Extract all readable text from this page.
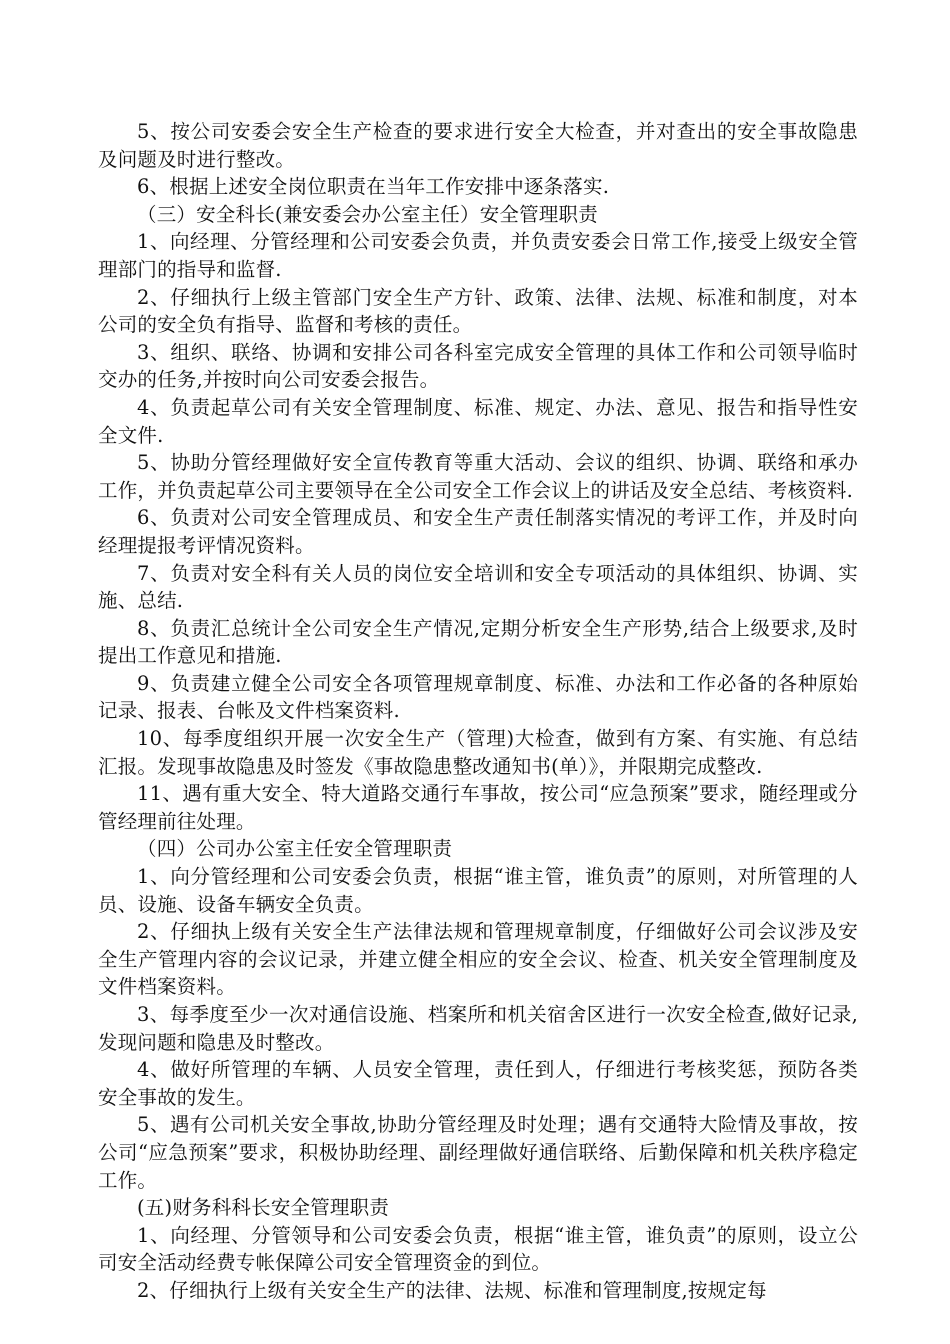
5、按公司安委会安全生产检查的要求进行安全大检查，并对查出的安全事故隐患及问题及时进行整改。

6、根据上述安全岗位职责在当年工作安排中逐条落实.

（三）安全科长(兼安委会办公室主任）安全管理职责

1、向经理、分管经理和公司安委会负责，并负责安委会日常工作,接受上级安全管理部门的指导和监督.

2、仔细执行上级主管部门安全生产方针、政策、法律、法规、标准和制度，对本公司的安全负有指导、监督和考核的责任。

3、组织、联络、协调和安排公司各科室完成安全管理的具体工作和公司领导临时交办的任务,并按时向公司安委会报告。

4、负责起草公司有关安全管理制度、标准、规定、办法、意见、报告和指导性安全文件.

5、协助分管经理做好安全宣传教育等重大活动、会议的组织、协调、联络和承办工作，并负责起草公司主要领导在全公司安全工作会议上的讲话及安全总结、考核资料.

6、负责对公司安全管理成员、和安全生产责任制落实情况的考评工作，并及时向经理提报考评情况资料。

7、负责对安全科有关人员的岗位安全培训和安全专项活动的具体组织、协调、实施、总结.

8、负责汇总统计全公司安全生产情况,定期分析安全生产形势,结合上级要求,及时提出工作意见和措施.

9、负责建立健全公司安全各项管理规章制度、标准、办法和工作必备的各种原始记录、报表、台帐及文件档案资料.

10、每季度组织开展一次安全生产（管理)大检查，做到有方案、有实施、有总结汇报。发现事故隐患及时签发《事故隐患整改通知书(单）》，并限期完成整改.

11、遇有重大安全、特大道路交通行车事故，按公司“应急预案”要求，随经理或分管经理前往处理。

（四）公司办公室主任安全管理职责

1、向分管经理和公司安委会负责，根据“谁主管，谁负责”的原则，对所管理的人员、设施、设备车辆安全负责。

2、仔细执上级有关安全生产法律法规和管理规章制度，仔细做好公司会议涉及安全生产管理内容的会议记录，并建立健全相应的安全会议、检查、机关安全管理制度及文件档案资料。

3、每季度至少一次对通信设施、档案所和机关宿舍区进行一次安全检查,做好记录,发现问题和隐患及时整改。

4、做好所管理的车辆、人员安全管理，责任到人，仔细进行考核奖惩，预防各类安全事故的发生。

5、遇有公司机关安全事故,协助分管经理及时处理；遇有交通特大险情及事故，按公司“应急预案”要求，积极协助经理、副经理做好通信联络、后勤保障和机关秩序稳定工作。

(五)财务科科长安全管理职责

1、向经理、分管领导和公司安委会负责，根据“谁主管，谁负责”的原则，设立公司安全活动经费专帐保障公司安全管理资金的到位。

2、仔细执行上级有关安全生产的法律、法规、标准和管理制度,按规定每
